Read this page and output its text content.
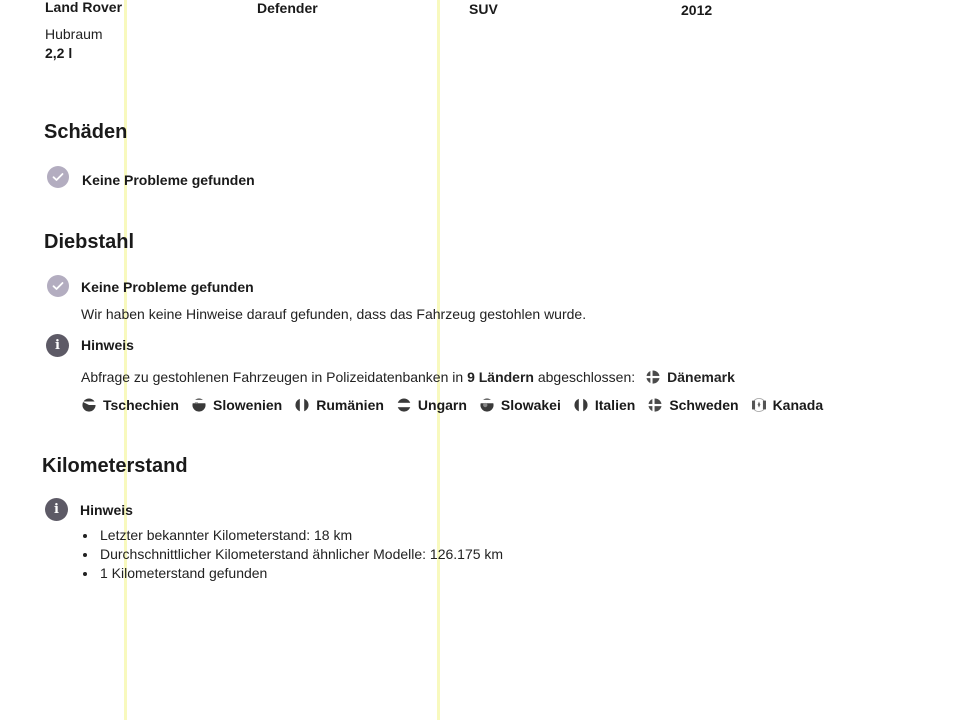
Land Rover	Defender	SUV	2012
Hubraum
2,2 l
Schäden
Keine Probleme gefunden
Diebstahl
Keine Probleme gefunden
Wir haben keine Hinweise darauf gefunden, dass das Fahrzeug gestohlen wurde.
i	Hinweis
Abfrage zu gestohlenen Fahrzeugen in Polizeidatenbanken in
9 Ländern
abgeschlossen: Dänemark
Tschechien Slowenien Rumänien Ungarn Slowakei Italien Schweden Kanada
Kilometerstand
i	Hinweis
• Letzter bekannter Kilometerstand: 18 km
• Durchschnittlicher Kilometerstand ähnlicher Modelle: 126.175 km
• 1 Kilometerstand gefunden
